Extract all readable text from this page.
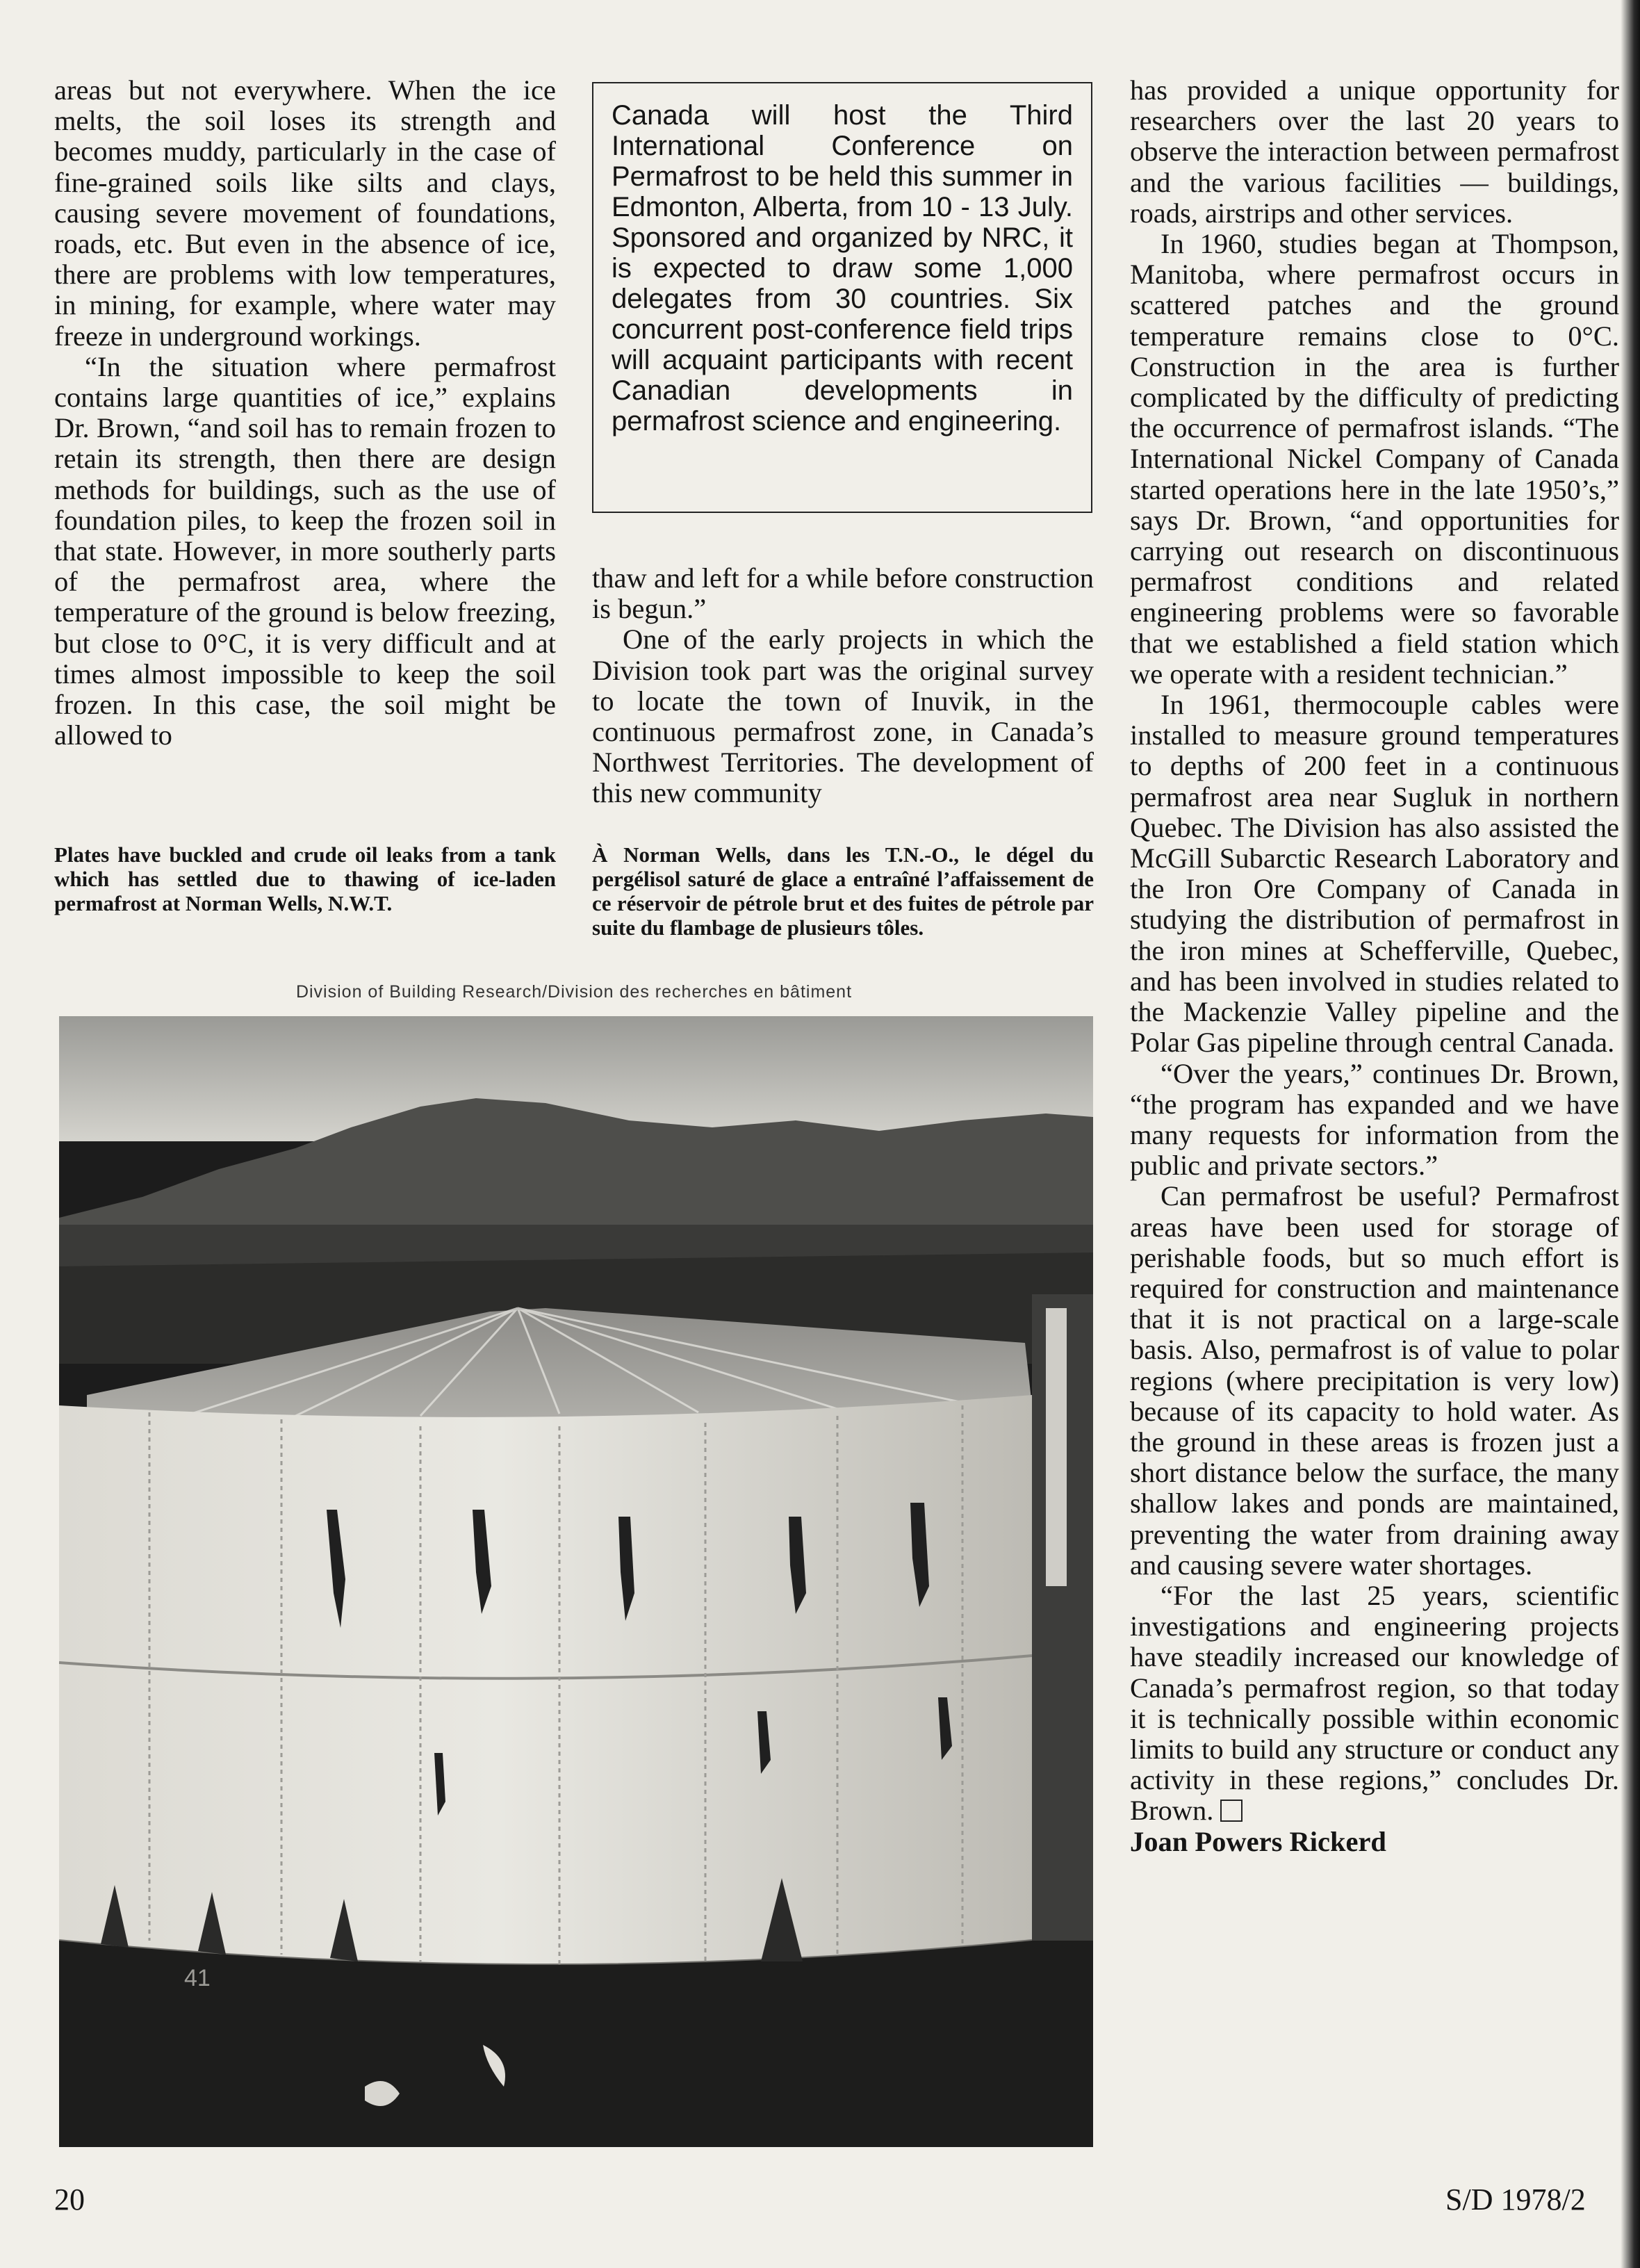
areas but not everywhere. When the ice melts, the soil loses its strength and becomes muddy, particularly in the case of fine-grained soils like silts and clays, causing severe movement of foundations, roads, etc. But even in the absence of ice, there are problems with low temperatures, in mining, for example, where water may freeze in underground workings.

“In the situation where permafrost contains large quantities of ice,” explains Dr. Brown, “and soil has to remain frozen to retain its strength, then there are design methods for buildings, such as the use of foundation piles, to keep the frozen soil in that state. However, in more southerly parts of the permafrost area, where the temperature of the ground is below freezing, but close to 0°C, it is very difficult and at times almost impossible to keep the soil frozen. In this case, the soil might be allowed to

Canada will host the Third International Conference on Permafrost to be held this summer in Edmonton, Alberta, from 10 - 13 July. Sponsored and organized by NRC, it is expected to draw some 1,000 delegates from 30 countries. Six concurrent post-conference field trips will acquaint participants with recent Canadian developments in permafrost science and engineering.

thaw and left for a while before construction is begun.”

One of the early projects in which the Division took part was the original survey to locate the town of Inuvik, in the continuous permafrost zone, in Canada’s Northwest Territories. The development of this new community

Plates have buckled and crude oil leaks from a tank which has settled due to thawing of ice-laden permafrost at Norman Wells, N.W.T.
À Norman Wells, dans les T.N.-O., le dégel du pergélisol saturé de glace a entraîné l’affaissement de ce réservoir de pétrole brut et des fuites de pétrole par suite du flambage de plusieurs tôles.
Division of Building Research/Division des recherches en bâtiment
41

has provided a unique opportunity for researchers over the last 20 years to observe the interaction between permafrost and the various facilities — buildings, roads, airstrips and other services.

In 1960, studies began at Thompson, Manitoba, where permafrost occurs in scattered patches and the ground temperature remains close to 0°C. Construction in the area is further complicated by the difficulty of predicting the occurrence of permafrost islands. “The International Nickel Company of Canada started operations here in the late 1950’s,” says Dr. Brown, “and opportunities for carrying out research on discontinuous permafrost conditions and related engineering problems were so favorable that we established a field station which we operate with a resident technician.”

In 1961, thermocouple cables were installed to measure ground temperatures to depths of 200 feet in a continuous permafrost area near Sugluk in northern Quebec. The Division has also assisted the McGill Subarctic Research Laboratory and the Iron Ore Company of Canada in studying the distribution of permafrost in the iron mines at Schefferville, Quebec, and has been involved in studies related to the Mackenzie Valley pipeline and the Polar Gas pipeline through central Canada.

“Over the years,” continues Dr. Brown, “the program has expanded and we have many requests for information from the public and private sectors.”

Can permafrost be useful? Permafrost areas have been used for storage of perishable foods, but so much effort is required for construction and maintenance that it is not practical on a large-scale basis. Also, permafrost is of value to polar regions (where precipitation is very low) because of its capacity to hold water. As the ground in these areas is frozen just a short distance below the surface, the many shallow lakes and ponds are maintained, preventing the water from draining away and causing severe water shortages.

“For the last 25 years, scientific investigations and engineering projects have steadily increased our knowledge of Canada’s permafrost region, so that today it is technically possible within economic limits to build any structure or conduct any activity in these regions,” concludes Dr. Brown.

Joan Powers Rickerd

20	S/D 1978/2
